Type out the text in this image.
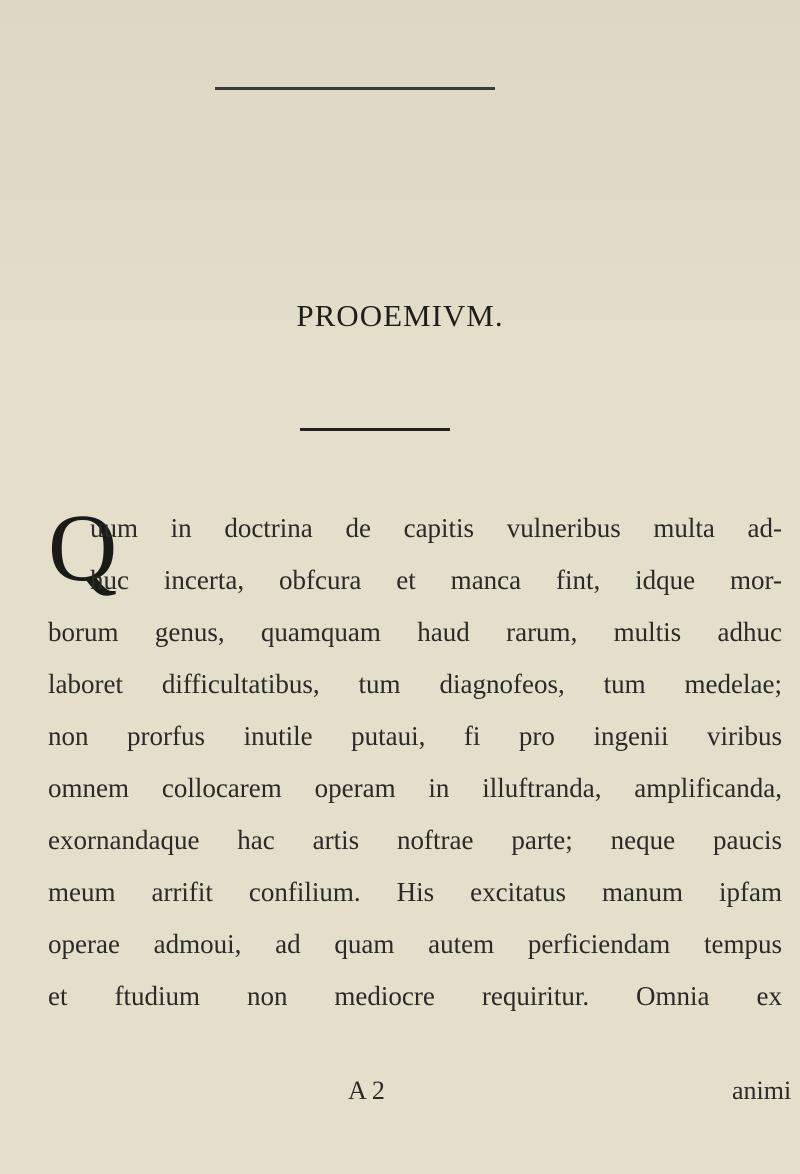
PROOEMIVM.
Q
uum in doctrina de capitis vulneribus multa ad-
huc incerta, obfcura et manca fint, idque mor-
borum genus, quamquam haud rarum, multis adhuc
laboret difficultatibus, tum diagnofeos, tum medelae;
non prorfus inutile putaui, fi pro ingenii viribus
omnem collocarem operam in illuftranda, amplificanda,
exornandaque hac artis noftrae parte; neque paucis
meum arrifit confilium. His excitatus manum ipfam
operae admoui, ad quam autem perficiendam tempus
et ftudium non mediocre requiritur. Omnia ex
A 2	animi
